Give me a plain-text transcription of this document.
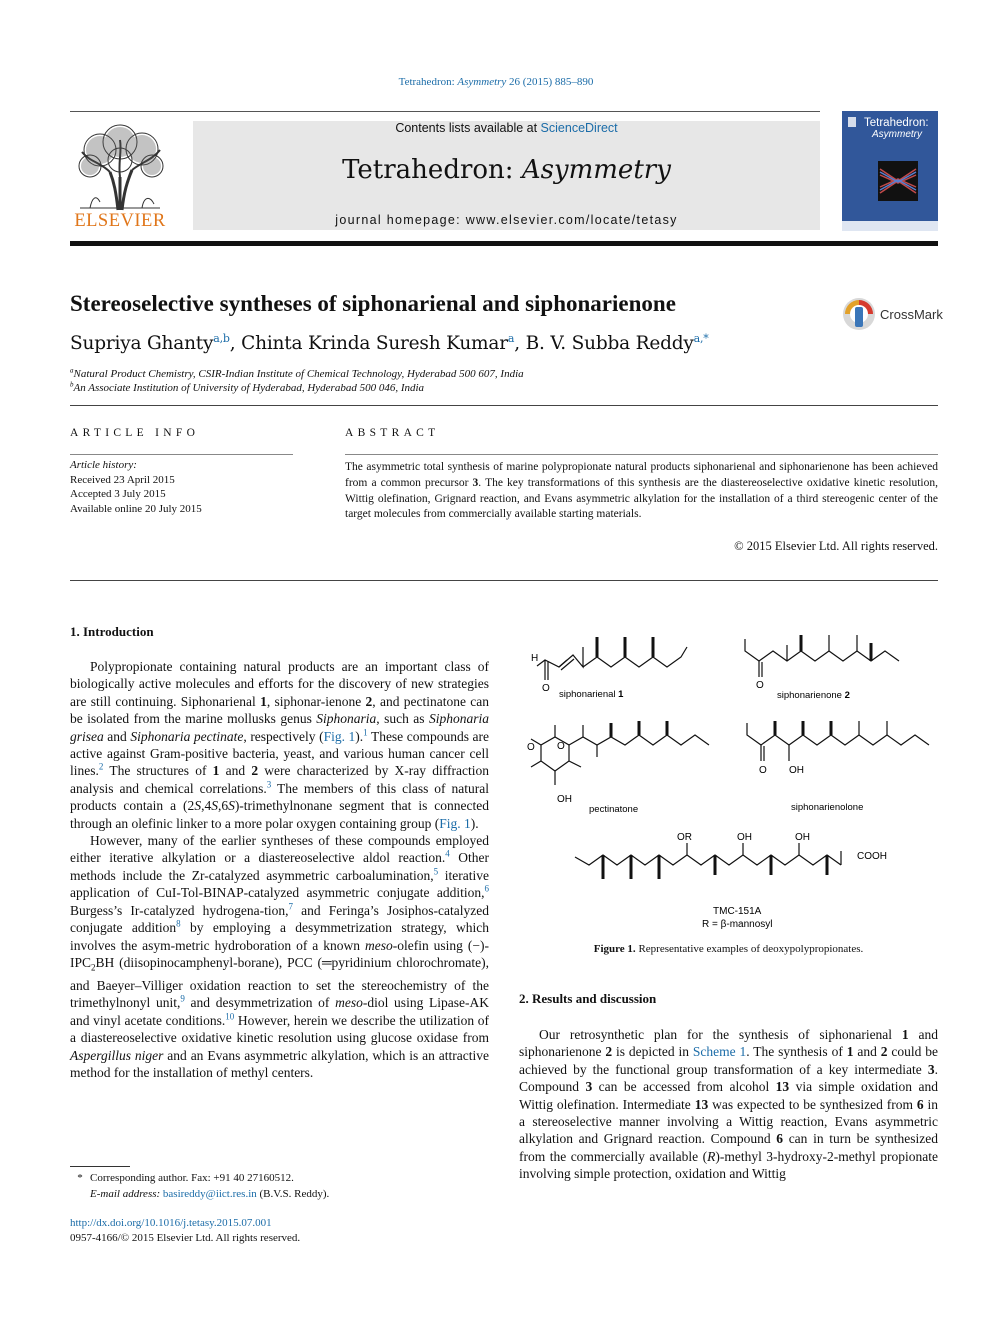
Tetrahedron: Asymmetry 26 (2015) 885–890
ELSEVIER
Contents lists available at ScienceDirect
Tetrahedron: Asymmetry
journal homepage: www.elsevier.com/locate/tetasy
Tetrahedron:
Asymmetry
Stereoselective syntheses of siphonarienal and siphonarienone	CrossMark
Supriya Ghanty$^{a,b}$, Chinta Krinda Suresh Kumar$^a$, B. V. Subba Reddy$^{a,*}$
$^a$Natural Product Chemistry, CSIR-Indian Institute of Chemical Technology, Hyderabad 500 607, India
$^b$An Associate Institution of University of Hyderabad, Hyderabad 500 046, India
ARTICLE INFO
Article history:
Received 23 April 2015
Accepted 3 July 2015
Available online 20 July 2015
ABSTRACT
The asymmetric total synthesis of marine polypropionate natural products siphonarienal and siphonarienone has been achieved from a common precursor 3. The key transformations of this synthesis are the diastereoselective oxidative kinetic resolution, Wittig olefination, Grignard reaction, and Evans asymmetric alkylation for the installation of a third stereogenic center of the target molecules from commercially available starting materials.
© 2015 Elsevier Ltd. All rights reserved.
1. Introduction
Polypropionate containing natural products are an important class of biologically active molecules and efforts for the discovery of new strategies are still continuing. Siphonarienal 1, siphonar-ienone 2, and pectinatone can be isolated from the marine mollusks genus Siphonaria, such as Siphonaria grisea and Siphonaria pectinate, respectively (Fig. 1).$^1$ These compounds are active against Gram-positive bacteria, yeast, and various human cancer cell lines.$^2$ The structures of 1 and 2 were characterized by X-ray diffraction analysis and chemical correlations.$^3$ The members of this class of natural products contain a (2S,4S,6S)-trimethylnonane segment that is connected through an olefinic linker to a more polar oxygen containing group (Fig. 1).
However, many of the earlier syntheses of these compounds employed either iterative alkylation or a diastereoselective aldol reaction.$^4$ Other methods include the Zr-catalyzed asymmetric carboalumination,$^5$ iterative application of CuI-Tol-BINAP-catalyzed asymmetric conjugate addition,$^6$ Burgess’s Ir-catalyzed hydrogena-tion,$^7$ and Feringa’s Josiphos-catalyzed conjugate addition$^8$ by employing a desymmetrization strategy, which involves the asym-metric hydroboration of a known meso-olefin using $(-)-IPC_2BH$ (diisopinocamphenyl-borane), PCC (═pyridinium chlorochromate), and Baeyer–Villiger oxidation reaction to set the stereochemistry of the trimethylnonyl unit,$^9$ and desymmetrization of meso-diol using Lipase-AK and vinyl acetate conditions.$^{10}$ However, herein we describe the utilization of a diastereoselective oxidative kinetic resolution using glucose oxidase from Aspergillus niger and an Evans asymmetric alkylation, which is an attractive method for the installation of methyl centers.
* Corresponding author. Fax: +91 40 27160512.
E-mail address: basireddy@iict.res.in (B.V.S. Reddy).
http://dx.doi.org/10.1016/j.tetasy.2015.07.001
0957-4166/© 2015 Elsevier Ltd. All rights reserved.
H
O
siphonarienal 1
O
siphonarienone 2
O O
OH
pectinatone
O OH
siphonarienolone
OR	OH	OH
COOH
TMC-151A
R = β-mannosyl
Figure 1. Representative examples of deoxypolypropionates.
2. Results and discussion
Our retrosynthetic plan for the synthesis of siphonarienal 1 and siphonarienone 2 is depicted in Scheme 1. The synthesis of 1 and 2 could be achieved by the functional group transformation of a key intermediate 3. Compound 3 can be accessed from alcohol 13 via simple oxidation and Wittig olefination. Intermediate 13 was expected to be synthesized from 6 in a stereoselective manner involving a Wittig reaction, Evans asymmetric alkylation and Grignard reaction. Compound 6 can in turn be synthesized from the commercially available (R)-methyl 3-hydroxy-2-methyl propionate involving simple protection, oxidation and Wittig
